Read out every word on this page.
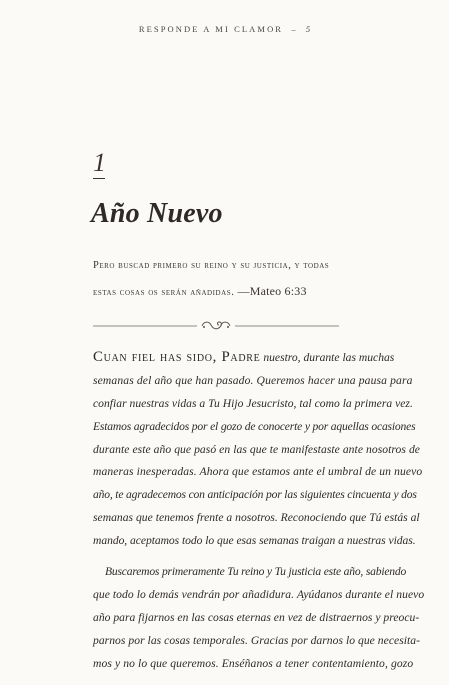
RESPONDE A MI CLAMOR – 5
1
Año Nuevo
Pero buscad primero su reino y su justicia, y todas
estas cosas os serán añadidas. —Mateo 6:33
Cuan fiel has sido, Padre nuestro, durante las muchas
semanas del año que han pasado. Queremos hacer una pausa para
confiar nuestras vidas a Tu Hijo Jesucristo, tal como la primera vez.
Estamos agradecidos por el gozo de conocerte y por aquellas ocasiones
durante este año que pasó en las que te manifestaste ante nosotros de
maneras inesperadas. Ahora que estamos ante el umbral de un nuevo
año, te agradecemos con anticipación por las siguientes cincuenta y dos
semanas que tenemos frente a nosotros. Reconociendo que Tú estás al
mando, aceptamos todo lo que esas semanas traigan a nuestras vidas.
Buscaremos primeramente Tu reino y Tu justicia este año, sabiendo
que todo lo demás vendrán por añadidura. Ayúdanos durante el nuevo
año para fijarnos en las cosas eternas en vez de distraernos y preocu-
parnos por las cosas temporales. Gracias por darnos lo que necesita-
mos y no lo que queremos. Enséñanos a tener contentamiento, gozo
